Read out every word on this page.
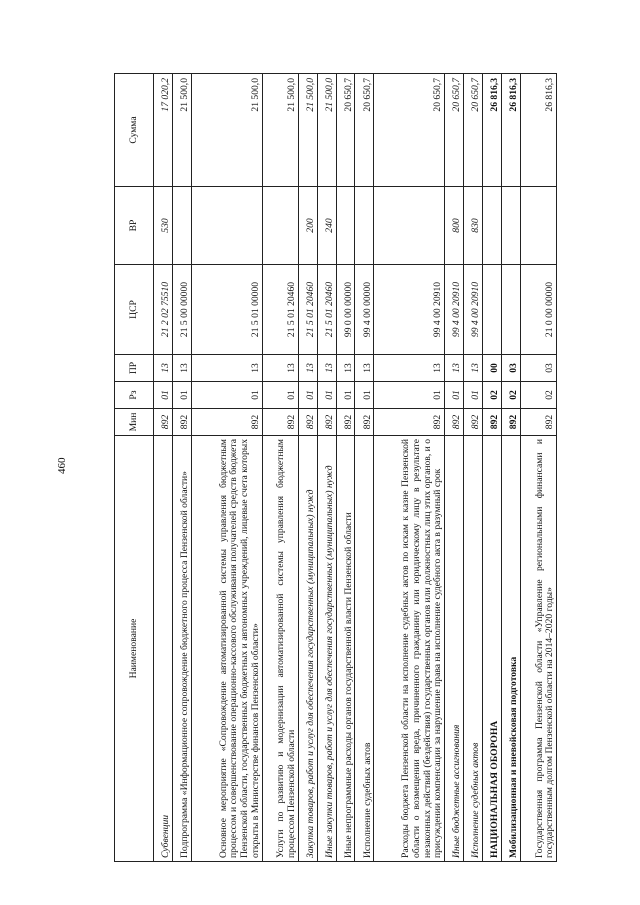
460
Наименование	Мин	Рз	ПР	ЦСР	ВР	Сумма
Субвенции	892	01	13	21 2 02 75510	530	17 020,2
Подпрограмма «Информационное сопровождение бюджетного процесса Пензенской области»	892	01	13	21 5 00 00000		21 500,0
Основное мероприятие «Сопровождение автоматизированной системы управления бюджетным процессом и совершенствование операционно-кассового обслуживания получателей средств бюджета Пензенской области, государственных бюджетных и автономных учреждений, лицевые счета которых открыты в Министерстве финансов Пензенской области»	892	01	13	21 5 01 00000		21 500,0
Услуги по развитию и модернизации автоматизированной системы управления бюджетным процессом Пензенской области	892	01	13	21 5 01 20460		21 500,0
Закупка товаров, работ и услуг для обеспечения государственных (муниципальных) нужд	892	01	13	21 5 01 20460	200	21 500,0
Иные закупки товаров, работ и услуг для обеспечения государственных (муниципальных) нужд	892	01	13	21 5 01 20460	240	21 500,0
Иные непрограммные расходы органов государственной власти Пензенской области	892	01	13	99 0 00 00000		20 650,7
Исполнение судебных актов	892	01	13	99 4 00 00000		20 650,7
Расходы бюджета Пензенской области на исполнение судебных актов по искам к казне Пензенской области о возмещении вреда, причиненного гражданину или юридическому лицу в результате незаконных действий (бездействия) государственных органов или должностных лиц этих органов, и о присуждении компенсации за нарушение права на исполнение судебного акта в разумный срок	892	01	13	99 4 00 20910		20 650,7
Иные бюджетные ассигнования	892	01	13	99 4 00 20910	800	20 650,7
Исполнение судебных актов	892	01	13	99 4 00 20910	830	20 650,7
НАЦИОНАЛЬНАЯ ОБОРОНА	892	02	00			26 816,3
Мобилизационная и вневойсковая подготовка	892	02	03			26 816,3
Государственная программа Пензенской области «Управление региональными финансами и государственным долгом Пензенской области на 2014–2020 годы»	892	02	03	21 0 00 00000		26 816,3
